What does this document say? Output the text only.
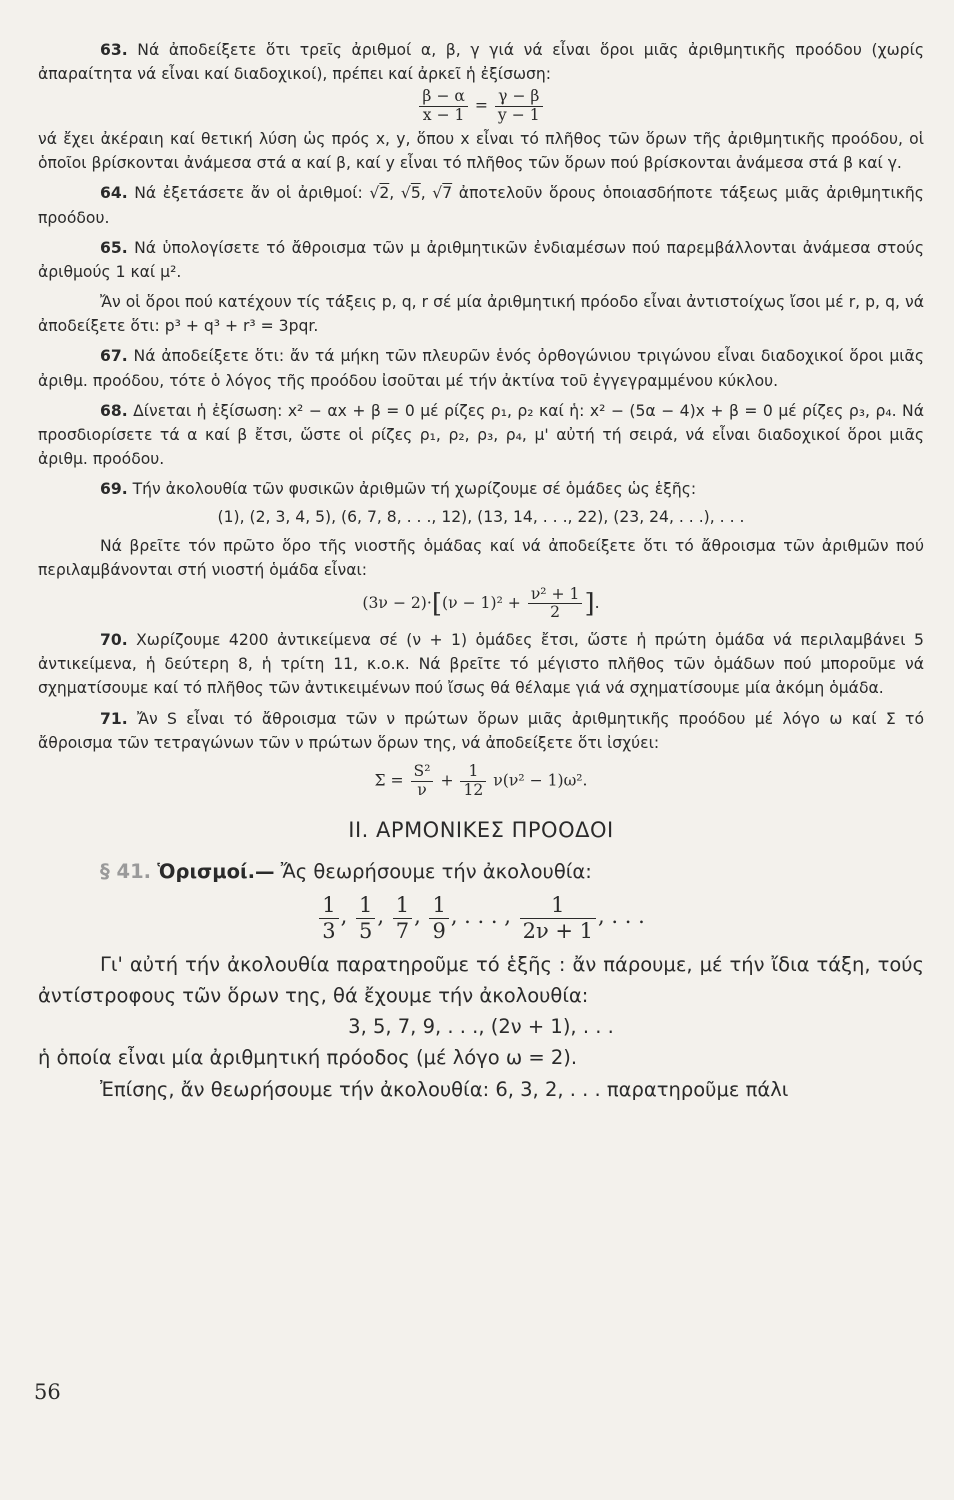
63. Νά ἀποδείξετε ὅτι τρεῖς ἀριθμοί α, β, γ γιά νά εἶναι ὅροι μιᾶς ἀριθμητικῆς προόδου (χωρίς ἀπαραίτητα νά εἶναι καί διαδοχικοί), πρέπει καί ἀρκεῖ ἡ ἐξίσωση:

$\frac{\beta - \alpha}{x - 1} = \frac{\gamma - \beta}{y - 1}$

νά ἔχει ἀκέραιη καί θετική λύση ὡς πρός x, y, ὅπου x εἶναι τό πλῆθος τῶν ὅρων τῆς ἀριθμητικῆς προόδου, οἱ ὁποῖοι βρίσκονται ἀνάμεσα στά α καί β, καί y εἶναι τό πλῆθος τῶν ὅρων πού βρίσκονται ἀνάμεσα στά β καί γ.

64. Νά ἐξετάσετε ἄν οἱ ἀριθμοί: √2, √5, √7 ἀποτελοῦν ὅρους ὁποιασδήποτε τάξεως μιᾶς ἀριθμητικῆς προόδου.

65. Νά ὑπολογίσετε τό ἄθροισμα τῶν μ ἀριθμητικῶν ἐνδιαμέσων πού παρεμβάλλονται ἀνάμεσα στούς ἀριθμούς 1 καί μ².

Ἄν οἱ ὅροι πού κατέχουν τίς τάξεις p, q, r σέ μία ἀριθμητική πρόοδο εἶναι ἀντιστοίχως ἴσοι μέ r, p, q, νά ἀποδείξετε ὅτι: p³ + q³ + r³ = 3pqr.

67. Νά ἀποδείξετε ὅτι: ἄν τά μήκη τῶν πλευρῶν ἑνός ὀρθογώνιου τριγώνου εἶναι διαδοχικοί ὅροι μιᾶς ἀριθμ. προόδου, τότε ὁ λόγος τῆς προόδου ἰσοῦται μέ τήν ἀκτίνα τοῦ ἐγγεγραμμένου κύκλου.

68. Δίνεται ἡ ἐξίσωση: x² − αx + β = 0 μέ ρίζες ρ₁, ρ₂ καί ἡ: x² − (5α − 4)x + β = 0 μέ ρίζες ρ₃, ρ₄. Νά προσδιορίσετε τά α καί β ἔτσι, ὥστε οἱ ρίζες ρ₁, ρ₂, ρ₃, ρ₄, μ' αὐτή τή σειρά, νά εἶναι διαδοχικοί ὅροι μιᾶς ἀριθμ. προόδου.

69. Τήν ἀκολουθία τῶν φυσικῶν ἀριθμῶν τή χωρίζουμε σέ ὁμάδες ὡς ἑξῆς:

(1), (2, 3, 4, 5), (6, 7, 8, . . ., 12), (13, 14, . . ., 22), (23, 24, . . .), . . .

Νά βρεῖτε τόν πρῶτο ὅρο τῆς νιοστῆς ὁμάδας καί νά ἀποδείξετε ὅτι τό ἄθροισμα τῶν ἀριθμῶν πού περιλαμβάνονται στή νιοστή ὁμάδα εἶναι:

$(3\nu - 2)\cdot[(\nu - 1)^2 + \frac{\text{ν² + 1}}{2}$ ].

70. Χωρίζουμε 4200 ἀντικείμενα σέ (ν + 1) ὁμάδες ἔτσι, ὥστε ἡ πρώτη ὁμάδα νά περιλαμβάνει 5 ἀντικείμενα, ἡ δεύτερη 8, ἡ τρίτη 11, κ.ο.κ. Νά βρεῖτε τό μέγιστο πλῆθος τῶν ὁμάδων πού μποροῦμε νά σχηματίσουμε καί τό πλῆθος τῶν ἀντικειμένων πού ἴσως θά θέλαμε γιά νά σχηματίσουμε μία ἀκόμη ὁμάδα.

71. Ἄν S εἶναι τό ἄθροισμα τῶν ν πρώτων ὅρων μιᾶς ἀριθμητικῆς προόδου μέ λόγο ω καί Σ τό ἄθροισμα τῶν τετραγώνων τῶν ν πρώτων ὅρων της, νά ἀποδείξετε ὅτι ἰσχύει:

$\Sigma = \frac{\text{S²}}{\nu} + \frac{1}{12} \nu(\nu^2 - 1)\omega^2$.
II. ΑΡΜΟΝΙΚΕΣ ΠΡΟΟΔΟΙ

§ 41. Ὁρισμοί.— Ἄς θεωρήσουμε τήν ἀκολουθία:

$\frac{1}{3}$ , $\frac{1}{5}$ , $\frac{1}{7}$ , $\frac{1}{9}$ , . . . , $\frac{1}{2\nu + 1}$ , . . .

Γι' αὐτή τήν ἀκολουθία παρατηροῦμε τό ἑξῆς : ἄν πάρουμε, μέ τήν ἴδια τάξη, τούς ἀντίστροφους τῶν ὅρων της, θά ἔχουμε τήν ἀκολουθία:

3, 5, 7, 9, . . ., (2ν + 1), . . .

ἡ ὁποία εἶναι μία ἀριθμητική πρόοδος (μέ λόγο ω = 2).

Ἐπίσης, ἄν θεωρήσουμε τήν ἀκολουθία: 6, 3, 2, . . . παρατηροῦμε πάλι

56
